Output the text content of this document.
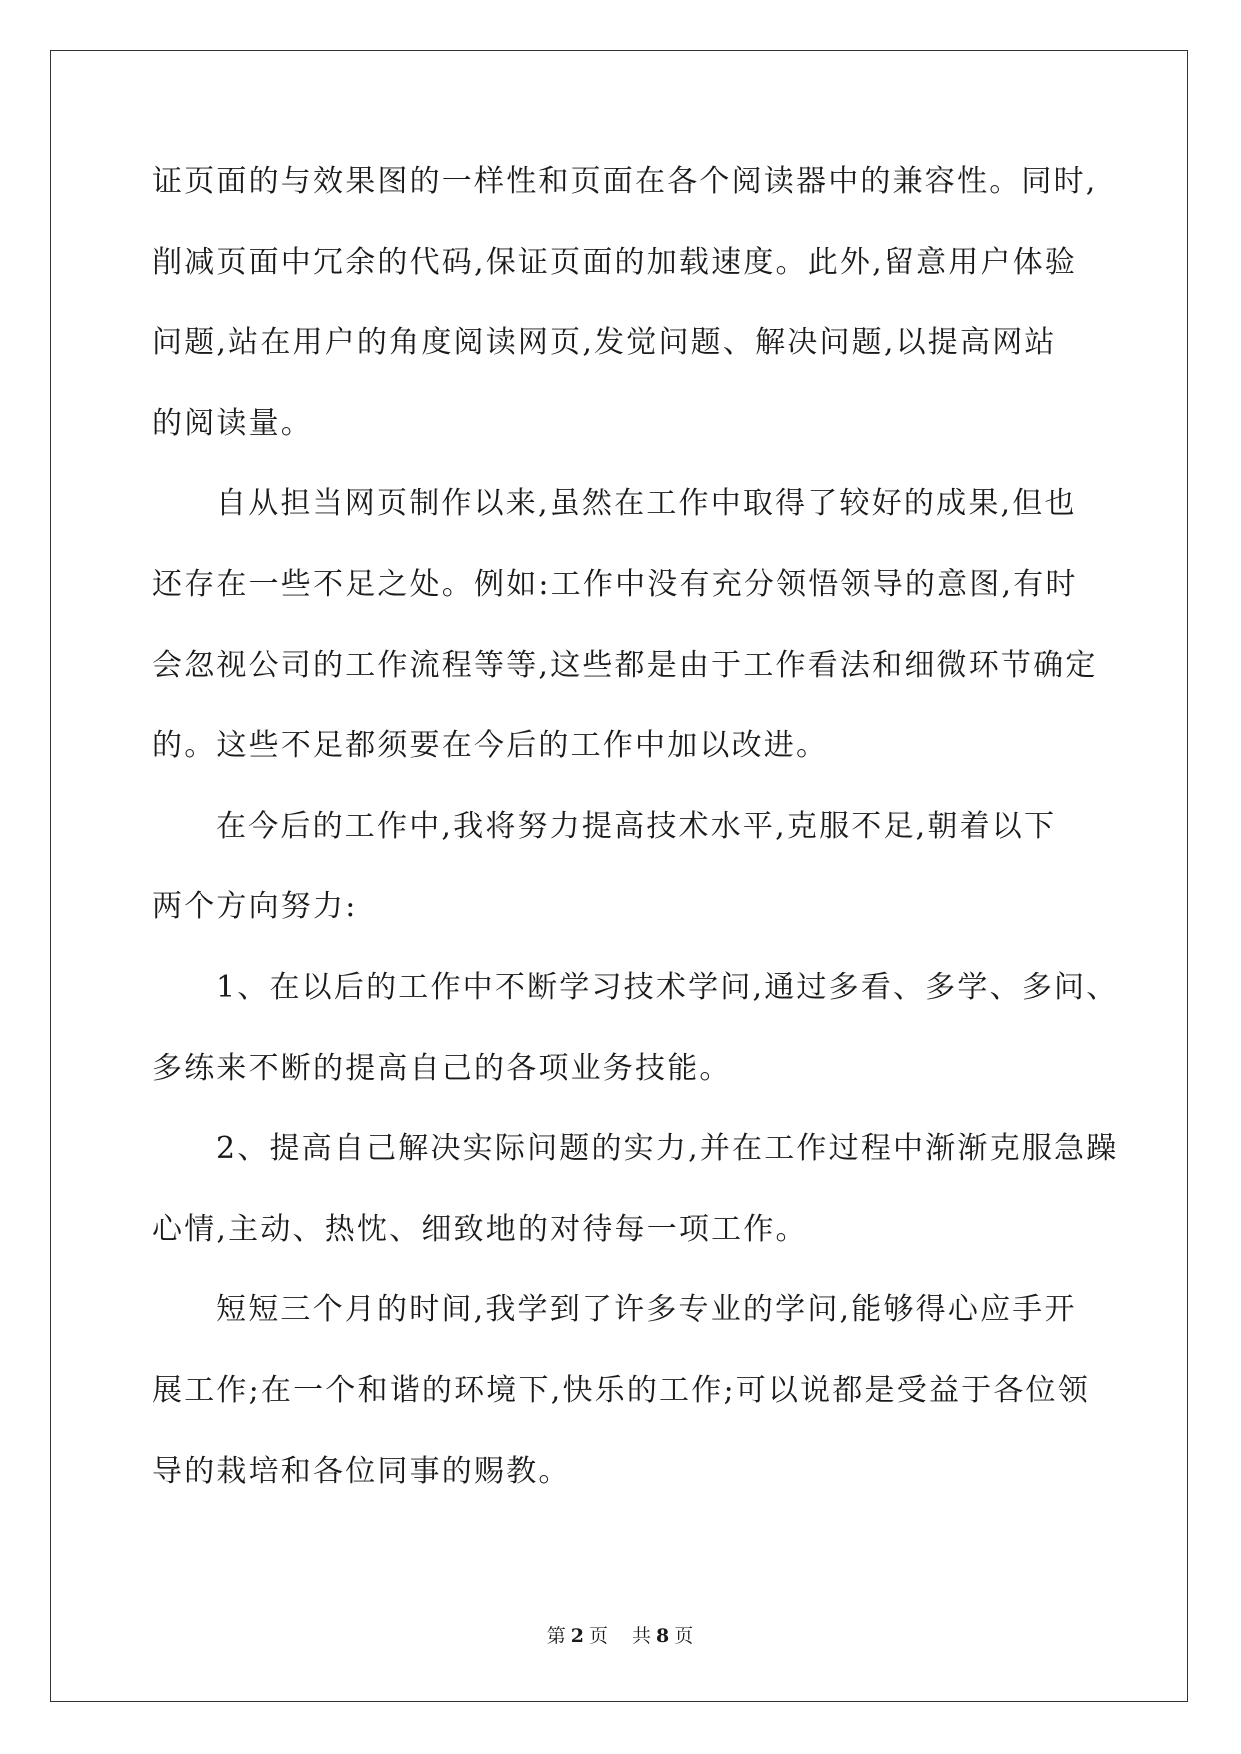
证页面的与效果图的一样性和页面在各个阅读器中的兼容性。同时,
削减页面中冗余的代码,保证页面的加载速度。此外,留意用户体验
问题,站在用户的角度阅读网页,发觉问题、解决问题,以提高网站
的阅读量。
自从担当网页制作以来,虽然在工作中取得了较好的成果,但也
还存在一些不足之处。例如:工作中没有充分领悟领导的意图,有时
会忽视公司的工作流程等等,这些都是由于工作看法和细微环节确定
的。这些不足都须要在今后的工作中加以改进。
在今后的工作中,我将努力提高技术水平,克服不足,朝着以下
两个方向努力:
1、在以后的工作中不断学习技术学问,通过多看、多学、多问、
多练来不断的提高自己的各项业务技能。
2、提高自己解决实际问题的实力,并在工作过程中渐渐克服急躁
心情,主动、热忱、细致地的对待每一项工作。
短短三个月的时间,我学到了许多专业的学问,能够得心应手开
展工作;在一个和谐的环境下,快乐的工作;可以说都是受益于各位领
导的栽培和各位同事的赐教。
第 2 页 共 8 页
